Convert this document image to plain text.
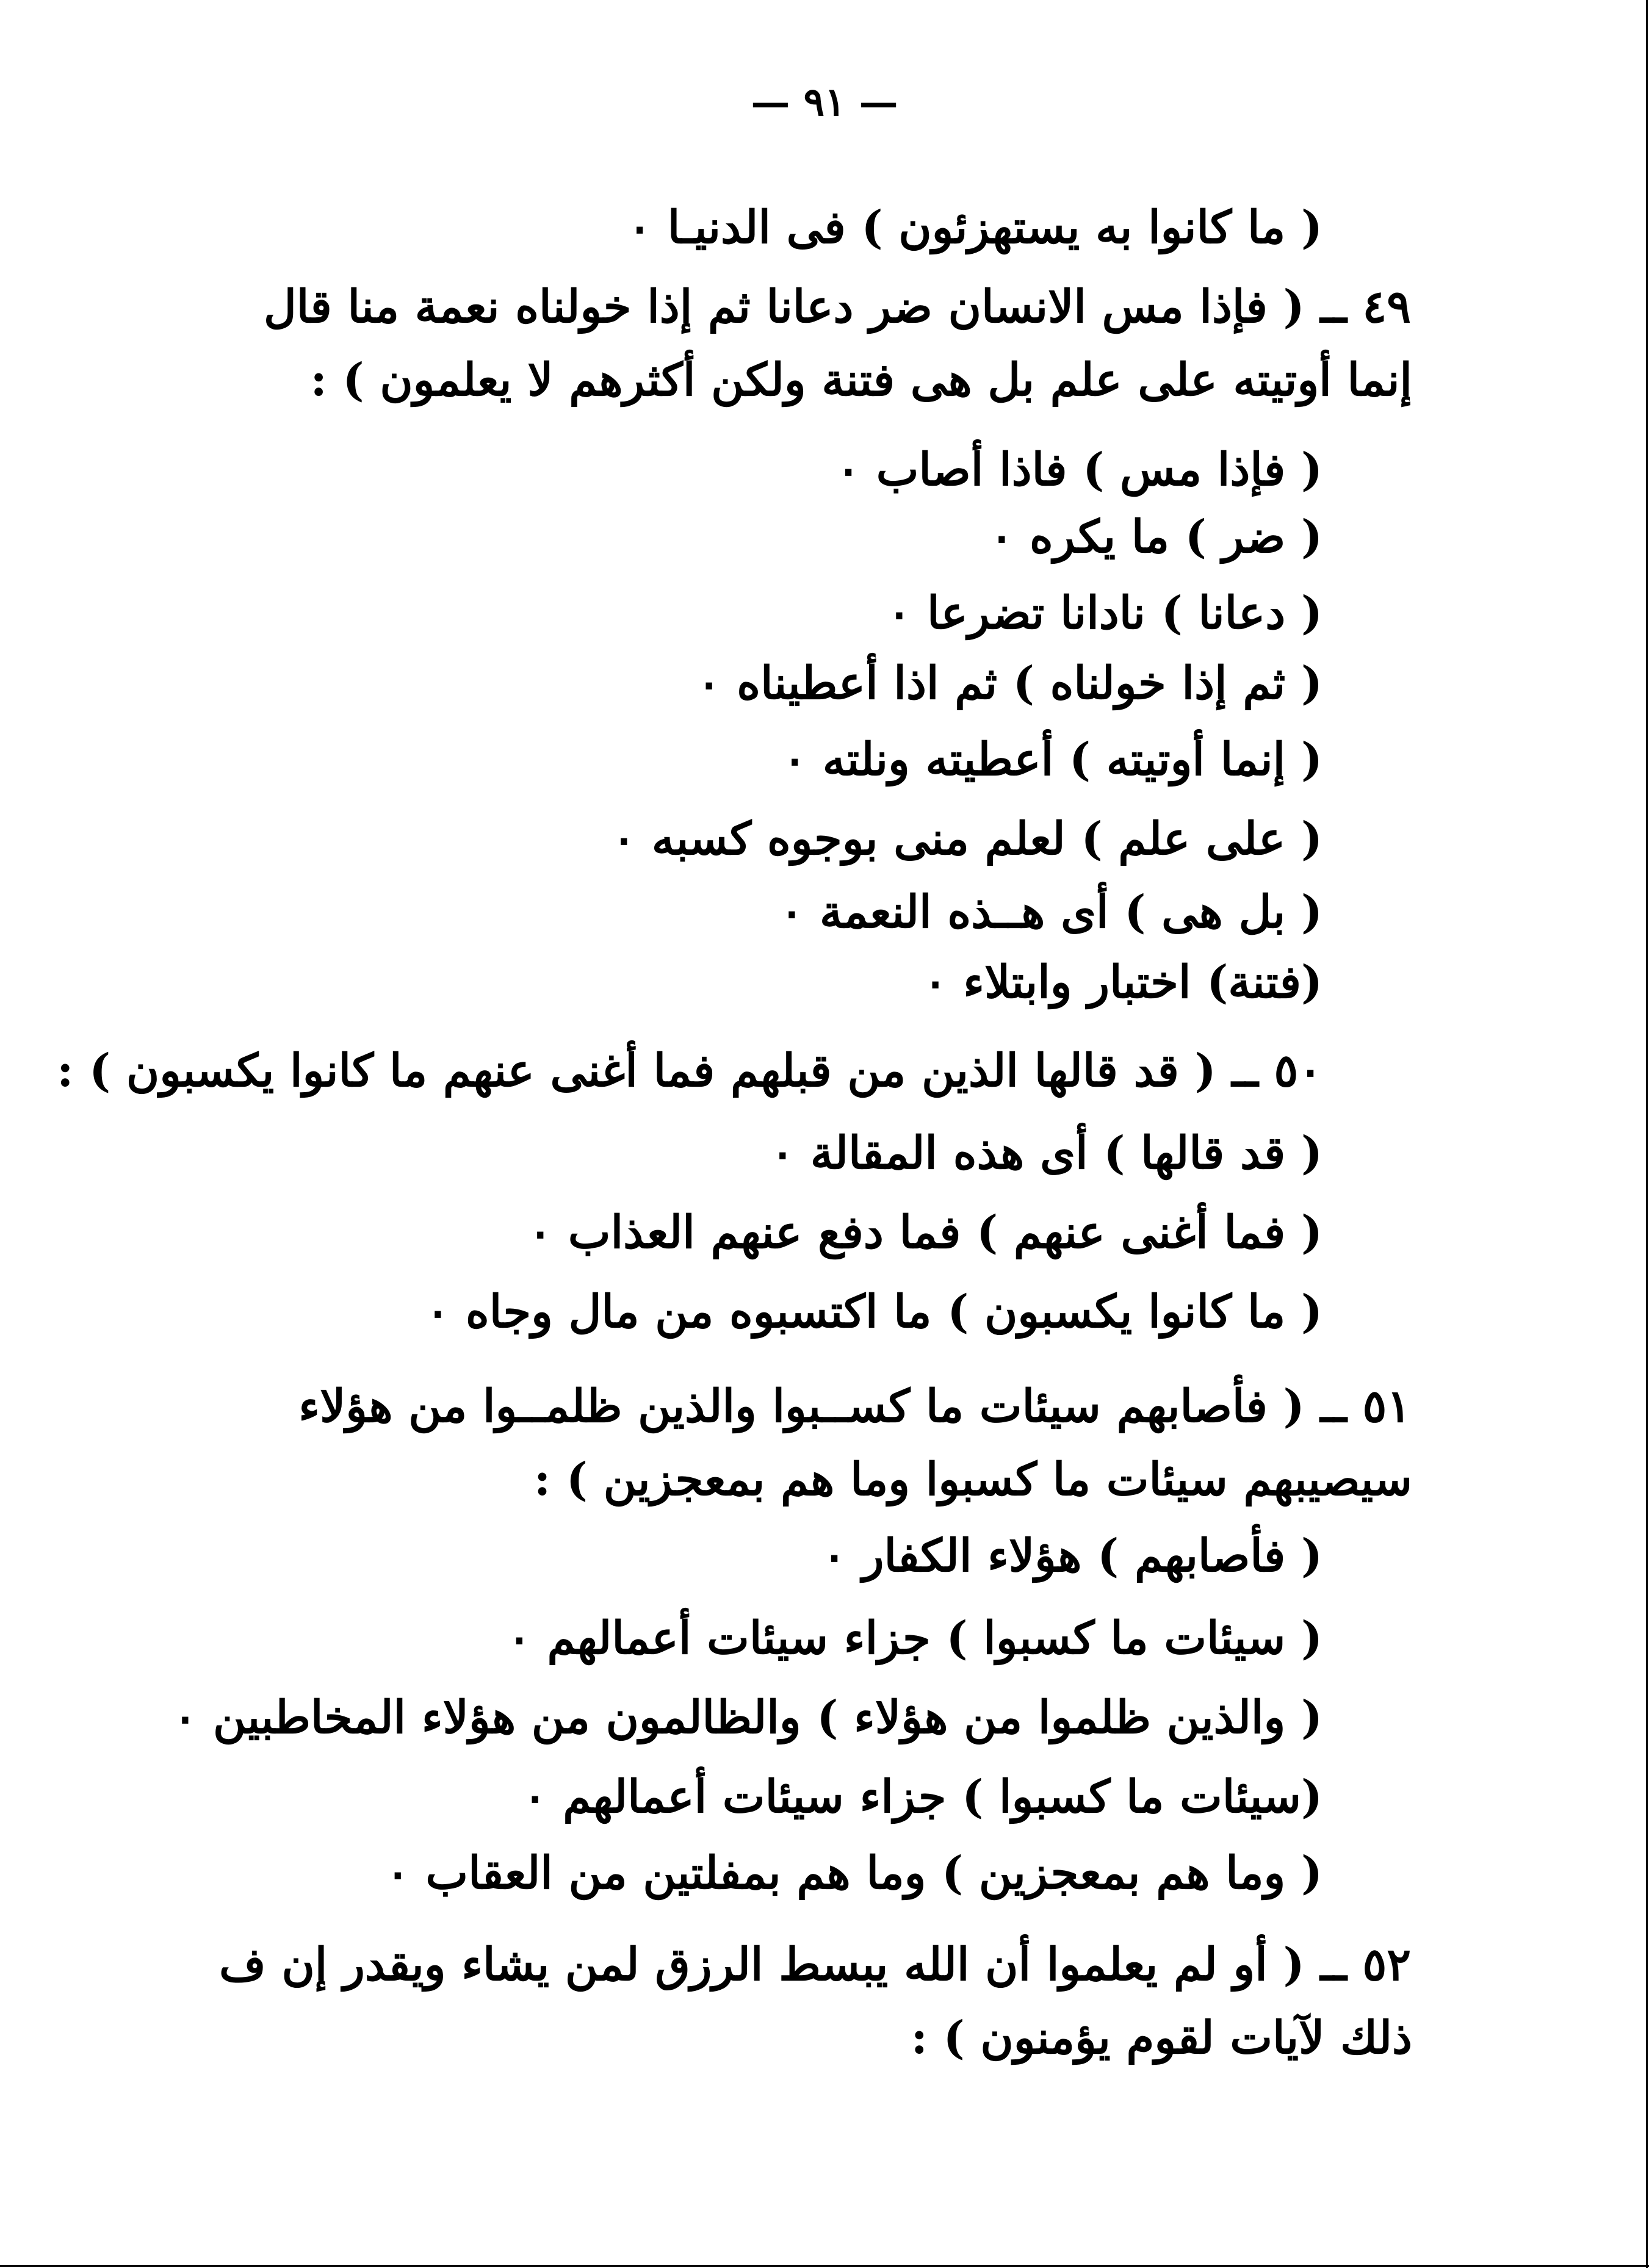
— ٩١ —
( ما كانوا به يستهزئون ) فى الدنيـا ٠
٤٩ ــ ( فإذا مس الانسان ضر دعانا ثم إذا خولناه نعمة منا قال
إنما أوتيته على علم بل هى فتنة ولكن أكثرهم لا يعلمون ) :
( فإذا مس ) فاذا أصاب ٠
( ضر ) ما يكره ٠
( دعانا ) نادانا تضرعا ٠
( ثم إذا خولناه ) ثم اذا أعطيناه ٠
( إنما أوتيته ) أعطيته ونلته ٠
( على علم ) لعلم منى بوجوه كسبه ٠
( بل هى ) أى هــذه النعمة ٠
(فتنة) اختبار وابتلاء ٠
٥٠ ــ ( قد قالها الذين من قبلهم فما أغنى عنهم ما كانوا يكسبون ) :
( قد قالها ) أى هذه المقالة ٠
( فما أغنى عنهم ) فما دفع عنهم العذاب ٠
( ما كانوا يكسبون ) ما اكتسبوه من مال وجاه ٠
٥١ ــ ( فأصابهم سيئات ما كســبوا والذين ظلمــوا من هؤلاء
سيصيبهم سيئات ما كسبوا وما هم بمعجزين ) :
( فأصابهم ) هؤلاء الكفار ٠
( سيئات ما كسبوا ) جزاء سيئات أعمالهم ٠
( والذين ظلموا من هؤلاء ) والظالمون من هؤلاء المخاطبين ٠
(سيئات ما كسبوا ) جزاء سيئات أعمالهم ٠
( وما هم بمعجزين ) وما هم بمفلتين من العقاب ٠
٥٢ ــ ( أو لم يعلموا أن الله يبسط الرزق لمن يشاء ويقدر إن ف
ذلك لآيات لقوم يؤمنون ) :
